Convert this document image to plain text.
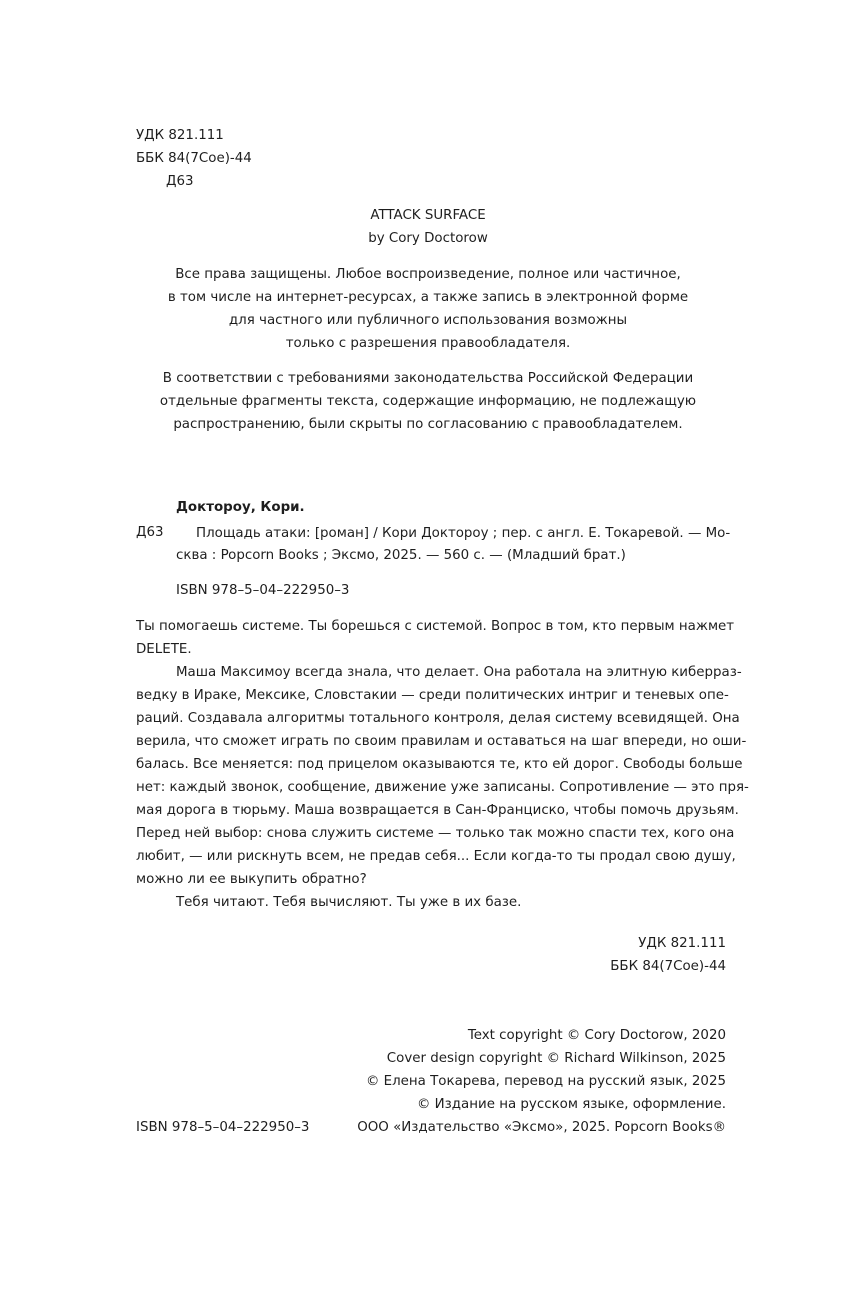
УДК 821.111
ББК 84(7Сое)-44
Д63
ATTACK SURFACE
by Cory Doctorow
Все права защищены. Любое воспроизведение, полное или частичное,
в том числе на интернет-ресурсах, а также запись в электронной форме
для частного или публичного использования возможны
только с разрешения правообладателя.
В соответствии с требованиями законодательства Российской Федерации
отдельные фрагменты текста, содержащие информацию, не подлежащую
распространению, были скрыты по согласованию с правообладателем.
Доктороу, Кори.
Д63 Площадь атаки: [роман] / Кори Доктороу ; пер. с англ. Е. Токаревой. — Мо-
сква : Popcorn Books ; Эксмо, 2025. — 560 с. — (Младший брат.)
ISBN 978–5–04–222950–3
Ты помогаешь системе. Ты борешься с системой. Вопрос в том, кто первым нажмет
DELETE.
Маша Максимоу всегда знала, что делает. Она работала на элитную киберраз-
ведку в Ираке, Мексике, Словстакии — среди политических интриг и теневых опе-
раций. Создавала алгоритмы тотального контроля, делая систему всевидящей. Она
верила, что сможет играть по своим правилам и оставаться на шаг впереди, но оши-
балась. Все меняется: под прицелом оказываются те, кто ей дорог. Свободы больше
нет: каждый звонок, сообщение, движение уже записаны. Сопротивление — это пря-
мая дорога в тюрьму. Маша возвращается в Сан-Франциско, чтобы помочь друзьям.
Перед ней выбор: снова служить системе — только так можно спасти тех, кого она
любит, — или рискнуть всем, не предав себя... Если когда-то ты продал свою душу,
можно ли ее выкупить обратно?
Тебя читают. Тебя вычисляют. Ты уже в их базе.
УДК 821.111
ББК 84(7Сое)-44
Text copyright © Cory Doctorow, 2020
Cover design copyright © Richard Wilkinson, 2025
© Елена Токарева, перевод на русский язык, 2025
© Издание на русском языке, оформление.
ООО «Издательство «Эксмо», 2025. Popcorn Books®
ISBN 978–5–04–222950–3
